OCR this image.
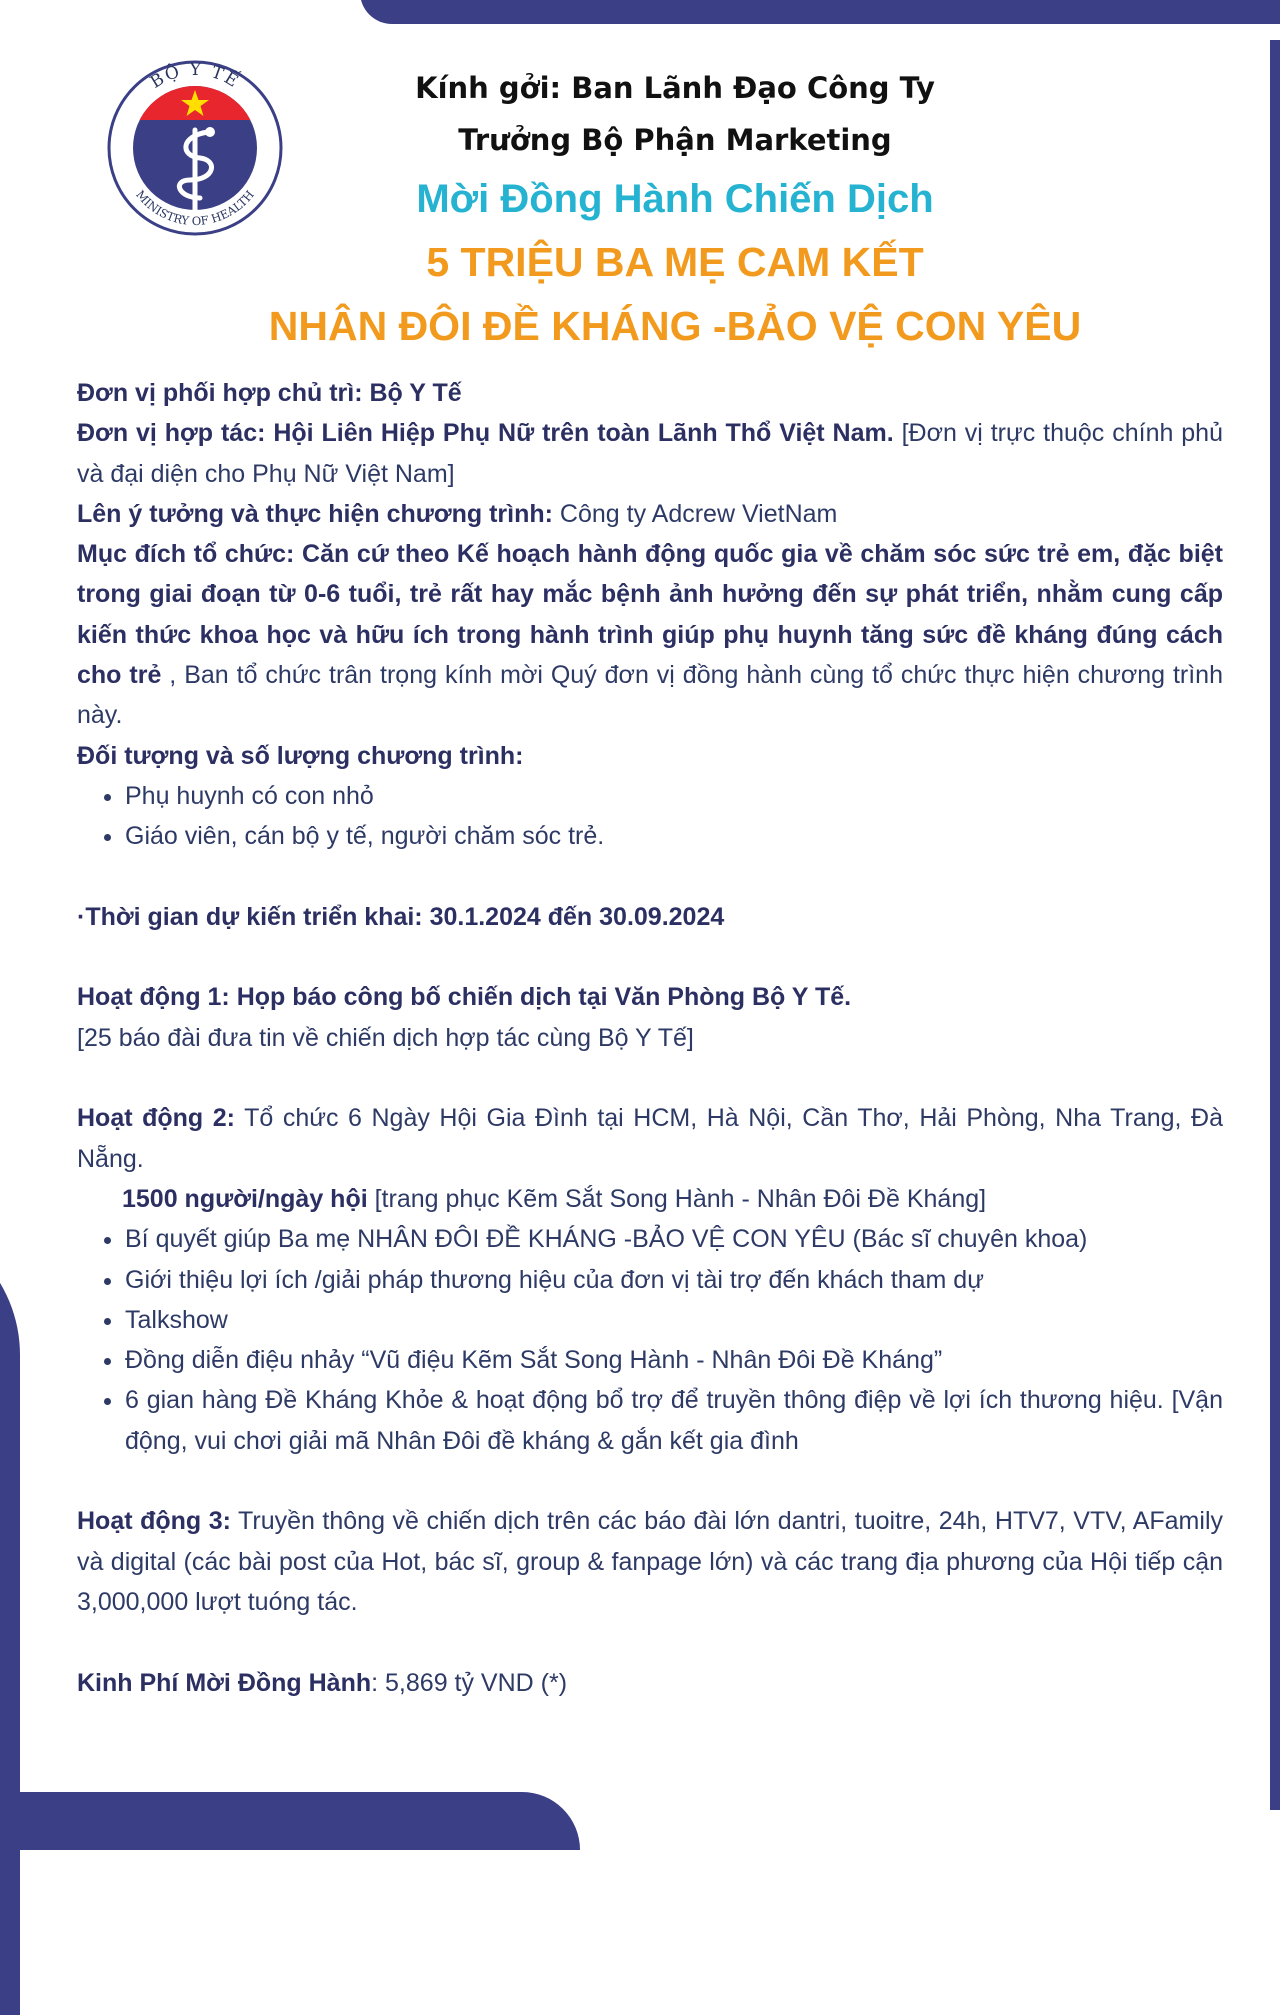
BỘ Y TẾ
MINISTRY OF HEALTH
Kính gởi: Ban Lãnh Đạo Công Ty
Trưởng Bộ Phận Marketing
Mời Đồng Hành Chiến Dịch
5 TRIỆU BA MẸ CAM KẾT
NHÂN ĐÔI ĐỀ KHÁNG -BẢO VỆ CON YÊU

Đơn vị phối hợp chủ trì: Bộ Y Tế

Đơn vị hợp tác: Hội Liên Hiệp Phụ Nữ trên toàn Lãnh Thổ Việt Nam. [Đơn vị trực thuộc chính phủ và đại diện cho Phụ Nữ Việt Nam]

Lên ý tưởng và thực hiện chương trình: Công ty Adcrew VietNam

Mục đích tổ chức: Căn cứ theo Kế hoạch hành động quốc gia về chăm sóc sức trẻ em, đặc biệt trong giai đoạn từ 0-6 tuổi, trẻ rất hay mắc bệnh ảnh hưởng đến sự phát triển, nhằm cung cấp kiến thức khoa học và hữu ích trong hành trình giúp phụ huynh tăng sức đề kháng đúng cách cho trẻ , Ban tổ chức trân trọng kính mời Quý đơn vị đồng hành cùng tổ chức thực hiện chương trình này.

Đối tượng và số lượng chương trình:

• Phụ huynh có con nhỏ
• Giáo viên, cán bộ y tế, người chăm sóc trẻ.

·Thời gian dự kiến triển khai: 30.1.2024 đến 30.09.2024

Hoạt động 1: Họp báo công bố chiến dịch tại Văn Phòng Bộ Y Tế.

[25 báo đài đưa tin về chiến dịch hợp tác cùng Bộ Y Tế]

Hoạt động 2: Tổ chức 6 Ngày Hội Gia Đình tại HCM, Hà Nội, Cần Thơ, Hải Phòng, Nha Trang, Đà Nẵng.

1500 người/ngày hội [trang phục Kẽm Sắt Song Hành - Nhân Đôi Đề Kháng]

• Bí quyết giúp Ba mẹ NHÂN ĐÔI ĐỀ KHÁNG -BẢO VỆ CON YÊU (Bác sĩ chuyên khoa)
• Giới thiệu lợi ích /giải pháp thương hiệu của đơn vị tài trợ đến khách tham dự
• Talkshow
• Đồng diễn điệu nhảy “Vũ điệu Kẽm Sắt Song Hành - Nhân Đôi Đề Kháng”
• 6 gian hàng Đề Kháng Khỏe & hoạt động bổ trợ để truyền thông điệp về lợi ích thương hiệu. [Vận động, vui chơi giải mã Nhân Đôi đề kháng & gắn kết gia đình

Hoạt động 3: Truyền thông về chiến dịch trên các báo đài lớn dantri, tuoitre, 24h, HTV7, VTV, AFamily và digital (các bài post của Hot, bác sĩ, group & fanpage lớn) và các trang địa phương của Hội tiếp cận 3,000,000 lượt tuóng tác.

Kinh Phí Mời Đồng Hành: 5,869 tỷ VND (*)
